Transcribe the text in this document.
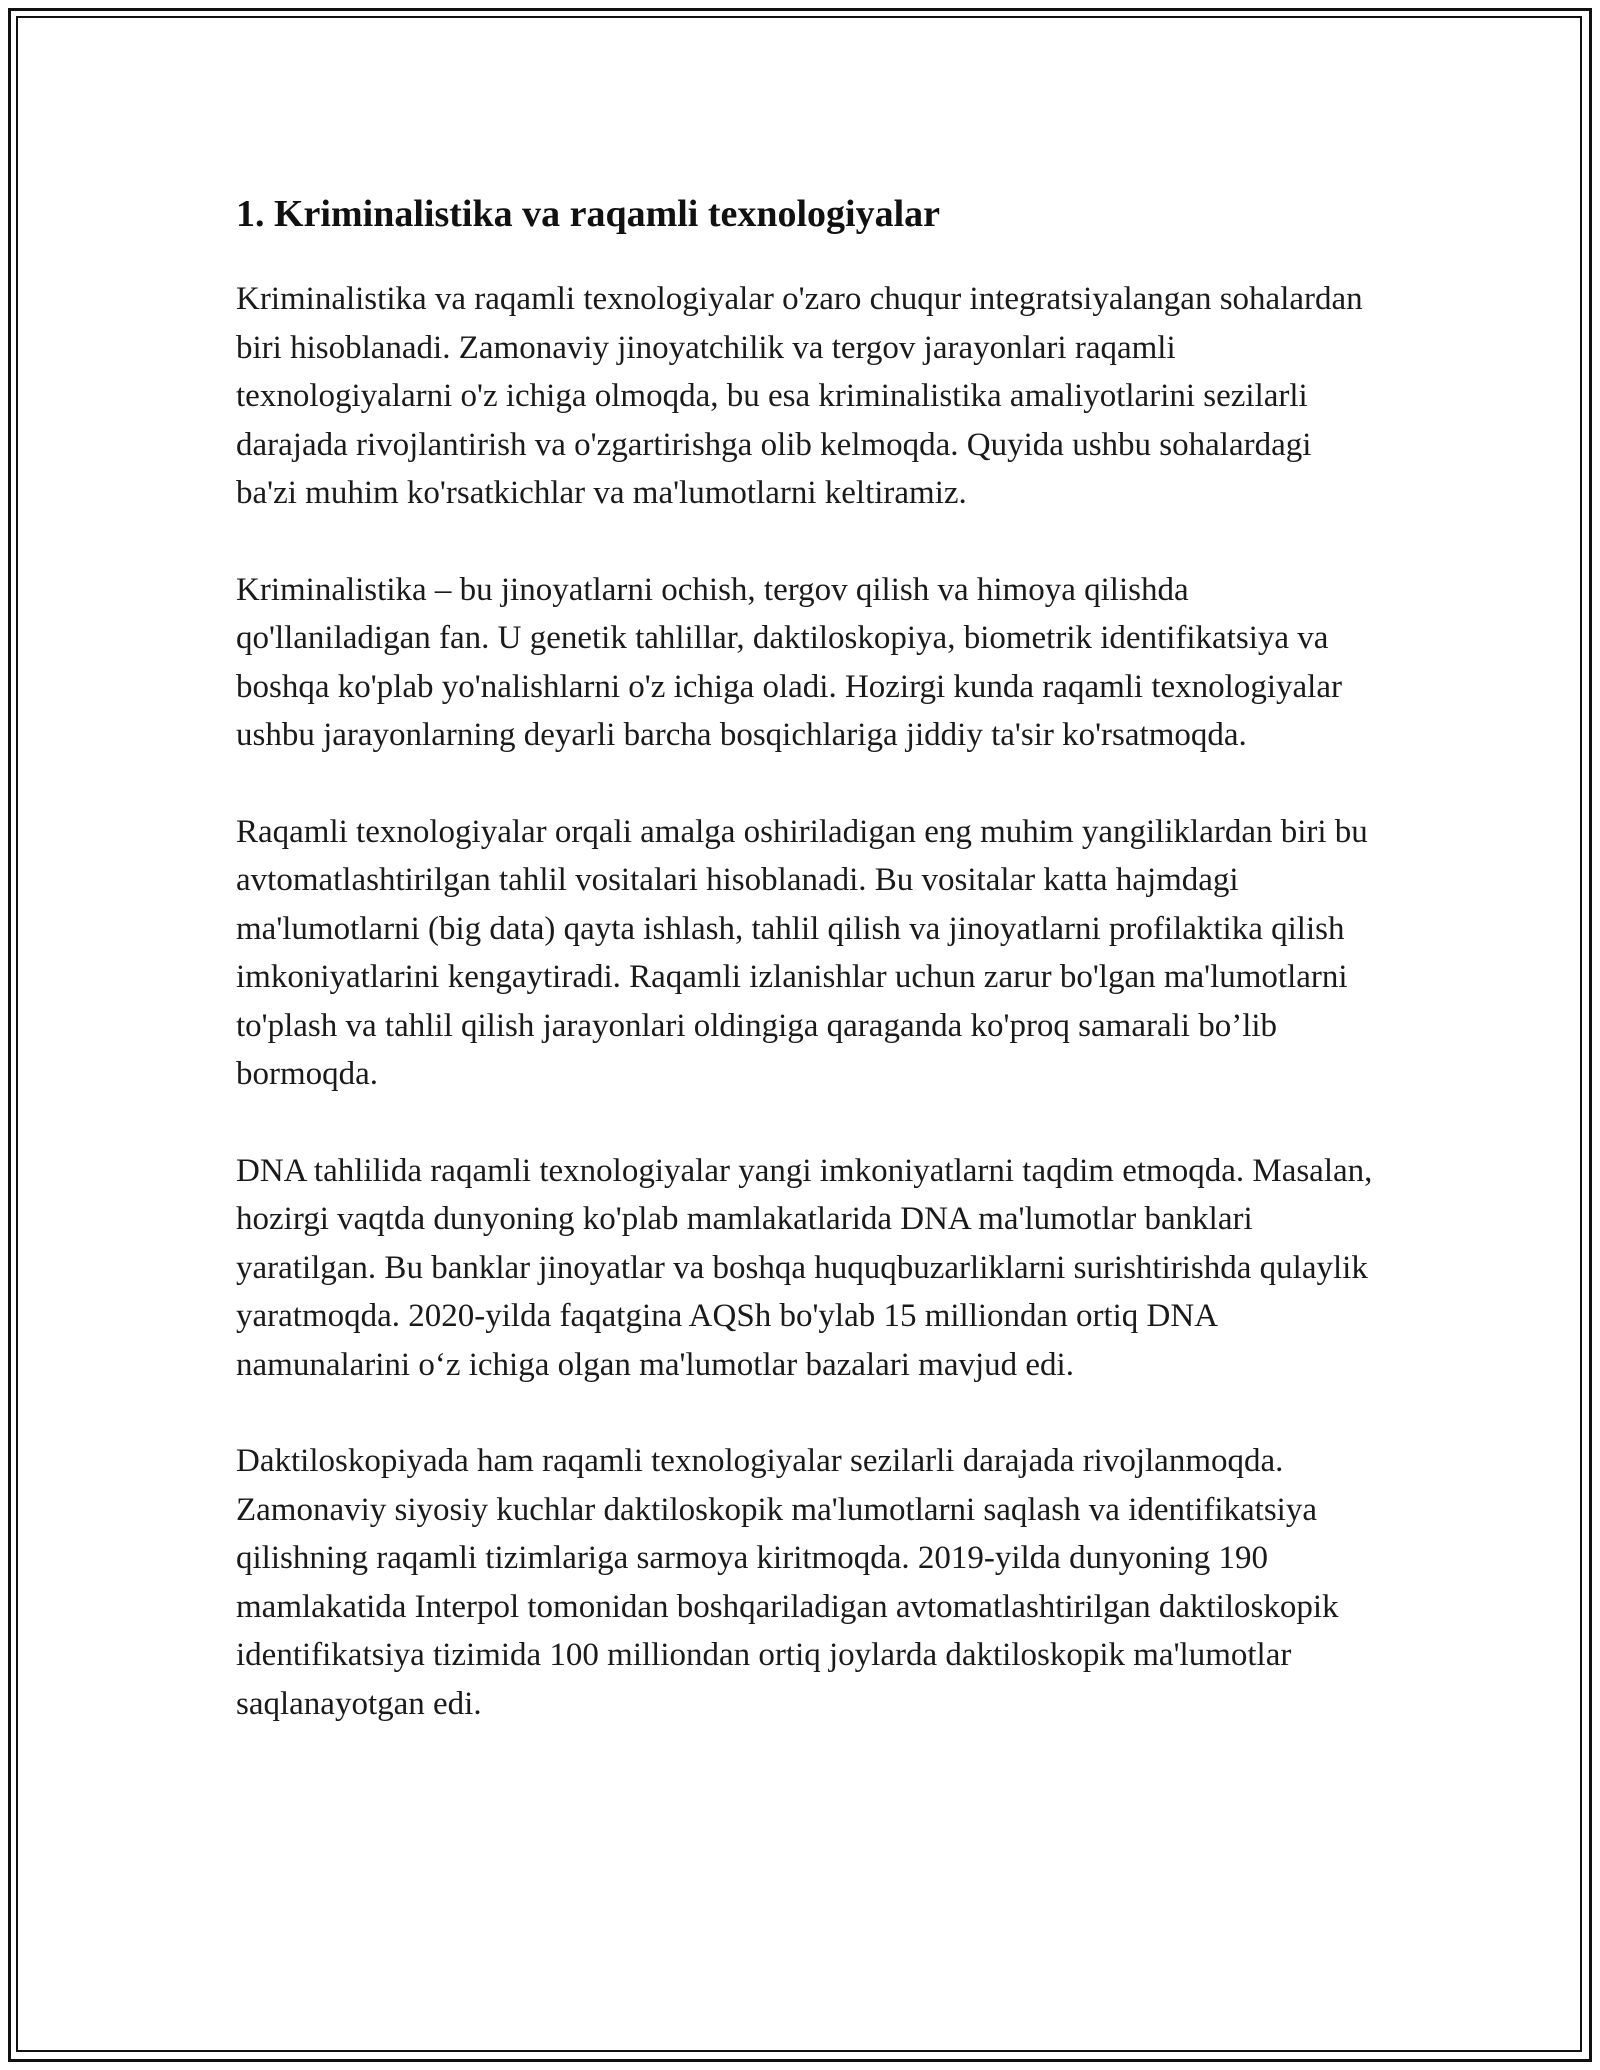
1. Kriminalistika va raqamli texnologiyalar

Kriminalistika va raqamli texnologiyalar o'zaro chuqur integratsiyalangan sohalardan biri hisoblanadi. Zamonaviy jinoyatchilik va tergov jarayonlari raqamli texnologiyalarni o'z ichiga olmoqda, bu esa kriminalistika amaliyotlarini sezilarli darajada rivojlantirish va o'zgartirishga olib kelmoqda. Quyida ushbu sohalardagi ba'zi muhim ko'rsatkichlar va ma'lumotlarni keltiramiz.

Kriminalistika – bu jinoyatlarni ochish, tergov qilish va himoya qilishda qo'llaniladigan fan. U genetik tahlillar, daktiloskopiya, biometrik identifikatsiya va boshqa ko'plab yo'nalishlarni o'z ichiga oladi. Hozirgi kunda raqamli texnologiyalar ushbu jarayonlarning deyarli barcha bosqichlariga jiddiy ta'sir ko'rsatmoqda.

Raqamli texnologiyalar orqali amalga oshiriladigan eng muhim yangiliklardan biri bu avtomatlashtirilgan tahlil vositalari hisoblanadi. Bu vositalar katta hajmdagi ma'lumotlarni (big data) qayta ishlash, tahlil qilish va jinoyatlarni profilaktika qilish imkoniyatlarini kengaytiradi. Raqamli izlanishlar uchun zarur bo'lgan ma'lumotlarni to'plash va tahlil qilish jarayonlari oldingiga qaraganda ko'proq samarali bo’lib bormoqda.

DNA tahlilida raqamli texnologiyalar yangi imkoniyatlarni taqdim etmoqda. Masalan, hozirgi vaqtda dunyoning ko'plab mamlakatlarida DNA ma'lumotlar banklari yaratilgan. Bu banklar jinoyatlar va boshqa huquqbuzarliklarni surishtirishda qulaylik yaratmoqda. 2020-yilda faqatgina AQSh bo'ylab 15 milliondan ortiq DNA namunalarini o‘z ichiga olgan ma'lumotlar bazalari mavjud edi.

Daktiloskopiyada ham raqamli texnologiyalar sezilarli darajada rivojlanmoqda. Zamonaviy siyosiy kuchlar daktiloskopik ma'lumotlarni saqlash va identifikatsiya qilishning raqamli tizimlariga sarmoya kiritmoqda. 2019-yilda dunyoning 190 mamlakatida Interpol tomonidan boshqariladigan avtomatlashtirilgan daktiloskopik identifikatsiya tizimida 100 milliondan ortiq joylarda daktiloskopik ma'lumotlar saqlanayotgan edi.
